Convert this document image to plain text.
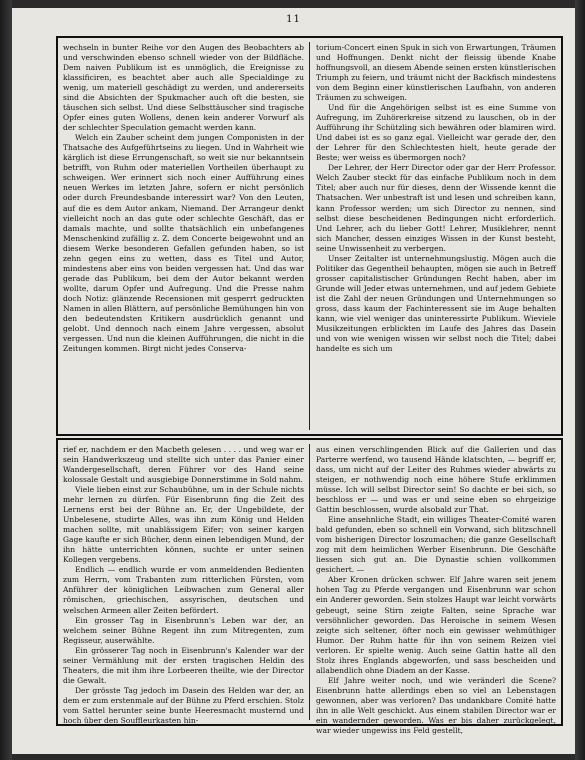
11

wechseln in bunter Reihe vor den Augen des Beobachters ab und verschwinden ebenso schnell wieder von der Bildfläche. Dem naiven Publikum ist es unmöglich, die Ereignisse zu klassificiren, es beachtet aber auch alle Specialdinge zu wenig, um materiell geschädigt zu werden, und andererseits sind die Absichten der Spukmacher auch oft die besten, sie täuschen sich selbst. Und diese Selbsttäuscher sind tragische Opfer eines guten Wollens, denen kein anderer Vorwurf als der schlechter Speculation gemacht werden kann.

Welch ein Zauber scheint dem jungen Componisten in der Thatsache des Aufgeführtseins zu liegen. Und in Wahrheit wie kärglich ist diese Errungenschaft, so weit sie nur bekanntsein betrifft, von Ruhm oder materiellen Vortheilen überhaupt zu schweigen. Wer erinnert sich noch einer Aufführung eines neuen Werkes im letzten Jahre, sofern er nicht persönlich oder durch Freundesbande interessirt war? Von den Leuten, auf die es dem Autor ankam, Niemand. Der Arrangeur denkt vielleicht noch an das gute oder schlechte Geschäft, das er damals machte, und sollte thatsächlich ein unbefangenes Menschenkind zufällig z. Z. dem Concerte beigewohnt und an diesem Werke besonderen Gefallen gefunden haben, so ist zehn gegen eins zu wetten, dass es Titel und Autor, mindestens aber eins von beiden vergessen hat. Und das war gerade das Publikum, bei dem der Autor bekannt werden wollte, darum Opfer und Aufregung. Und die Presse nahm doch Notiz: glänzende Recensionen mit gesperrt gedruckten Namen in allen Blättern, auf persönliche Bemühungen hin von den bedeutendsten Kritikern ausdrücklich genannt und gelobt. Und dennoch nach einem Jahre vergessen, absolut vergessen. Und nun die kleinen Aufführungen, die nicht in die Zeitungen kommen. Birgt nicht jedes Conserva-

torium-Concert einen Spuk in sich von Erwartungen, Träumen und Hoffnungen. Denkt nicht der fleissig übende Knabe hoffnungsvoll, an diesem Abende seinen ersten künstlerischen Triumph zu feiern, und träumt nicht der Backfisch mindestens von dem Beginn einer künstlerischen Laufbahn, von anderen Träumen zu schweigen.

Und für die Angehörigen selbst ist es eine Summe von Aufregung, im Zuhörerkreise sitzend zu lauschen, ob in der Aufführung ihr Schützling sich bewähren oder blamiren wird. Und dabei ist es so ganz egal. Vielleicht war gerade der, den der Lehrer für den Schlechtesten hielt, heute gerade der Beste; wer weiss es übermorgen noch?

Der Lehrer, der Herr Director oder gar der Herr Professor. Welch Zauber steckt für das einfache Publikum noch in dem Titel; aber auch nur für dieses, denn der Wissende kennt die Thatsachen. Wer unbestraft ist und lesen und schreiben kann, kann Professor werden; um sich Director zu nennen, sind selbst diese bescheidenen Bedingungen nicht erforderlich. Und Lehrer, ach du lieber Gott! Lehrer, Musiklehrer, nennt sich Mancher, dessen einziges Wissen in der Kunst besteht, seine Unwissenheit zu verbergen.

Unser Zeitalter ist unternehmungslustig. Mögen auch die Politiker das Gegentheil behaupten, mögen sie auch in Betreff grosser capitalistischer Gründungen Recht haben, aber im Grunde will Jeder etwas unternehmen, und auf jedem Gebiete ist die Zahl der neuen Gründungen und Unternehmungen so gross, dass kaum der Fachinteressent sie im Auge behalten kann, wie viel weniger das uninteressirte Publikum. Wieviele Musikzeitungen erblickten im Laufe des Jahres das Dasein und von wie wenigen wissen wir selbst noch die Titel; dabei handelte es sich um

rief er, nachdem er den Macbeth gelesen . . . . und weg war er sein Handwerkszeug und stellte sich unter das Panier einer Wandergesellschaft, deren Führer vor des Hand seine kolossale Gestalt und ausgiebige Donnerstimme in Sold nahm.

Viele lieben einst zur Schaubühne, um in der Schule nichts mehr lernen zu dürfen. Für Eisenbrunn fing die Zeit des Lernens erst bei der Bühne an. Er, der Ungebildete, der Unbelesene, studirte Alles, was ihn zum König und Helden machen sollte, mit unablässigem Eifer; von seiner kargen Gage kaufte er sich Bücher, denn einen lebendigen Mund, der ihn hätte unterrichten können, suchte er unter seinen Kollegen vergebens.

Endlich — endlich wurde er vom anmeldenden Bedienten zum Herrn, vom Trabanten zum ritterlichen Fürsten, vom Anführer der königlichen Leibwachen zum General aller römischen, griechischen, assyrischen, deutschen und welschen Armeen aller Zeiten befördert.

Ein grosser Tag in Eisenbrunn's Leben war der, an welchem seiner Bühne Regent ihn zum Mitregenten, zum Regisseur, auserwählte.

Ein grösserer Tag noch in Eisenbrunn's Kalender war der seiner Vermählung mit der ersten tragischen Heldin des Theaters, die mit ihm ihre Lorbeeren theilte, wie der Director die Gewalt.

Der grösste Tag jedoch im Dasein des Helden war der, an dem er zum erstenmale auf der Bühne zu Pferd erschien. Stolz vom Sattel herunter seine bunte Heeresmacht musternd und hoch über den Souffleurkasten hin-

aus einen verschlingenden Blick auf die Gallerien und das Parterre werfend, wo tausend Hände klatschten, — begriff er, dass, um nicht auf der Leiter des Ruhmes wieder abwärts zu steigen, er nothwendig noch eine höhere Stufe erklimmen müsse. Ich will selbst Director sein! So dachte er bei sich, so beschloss er — und was er und seine eben so ehrgeizige Gattin beschlossen, wurde alsobald zur That.

Eine ansehnliche Stadt, ein williges Theater-Comité waren bald gefunden, eben so schnell ein Vorwand, sich blitzschnell vom bisherigen Director loszumachen; die ganze Gesellschaft zog mit dem heimlichen Werber Eisenbrunn. Die Geschäfte liessen sich gut an. Die Dynastie schien vollkommen gesichert. —

Aber Kronen drücken schwer. Elf Jahre waren seit jenem hohen Tag zu Pferde vergangen und Eisenbrunn war schon ein Anderer geworden. Sein stolzes Haupt war leicht vorwärts gebeugt, seine Stirn zeigte Falten, seine Sprache war versöhnlicher geworden. Das Heroische in seinem Wesen zeigte sich seltener, öfter noch ein gewisser wehmüthiger Humor. Der Ruhm hatte für ihn von seinem Reizen viel verloren. Er spielte wenig. Auch seine Gattin hatte all den Stolz ihres Englands abgeworfen, und sass bescheiden und allabendlich ohne Diadem an der Kasse.

Elf Jahre weiter noch, und wie veränderl die Scene? Eisenbrunn hatte allerdings eben so viel an Lebenstagen gewonnen, aber was verloren? Das undankbare Comité hatte ihn in alle Welt geschickt. Aus einem stabilen Director war er ein wandernder geworden. Was er bis daher zurückgelegt, war wieder ungewiss ins Feld gestellt,
